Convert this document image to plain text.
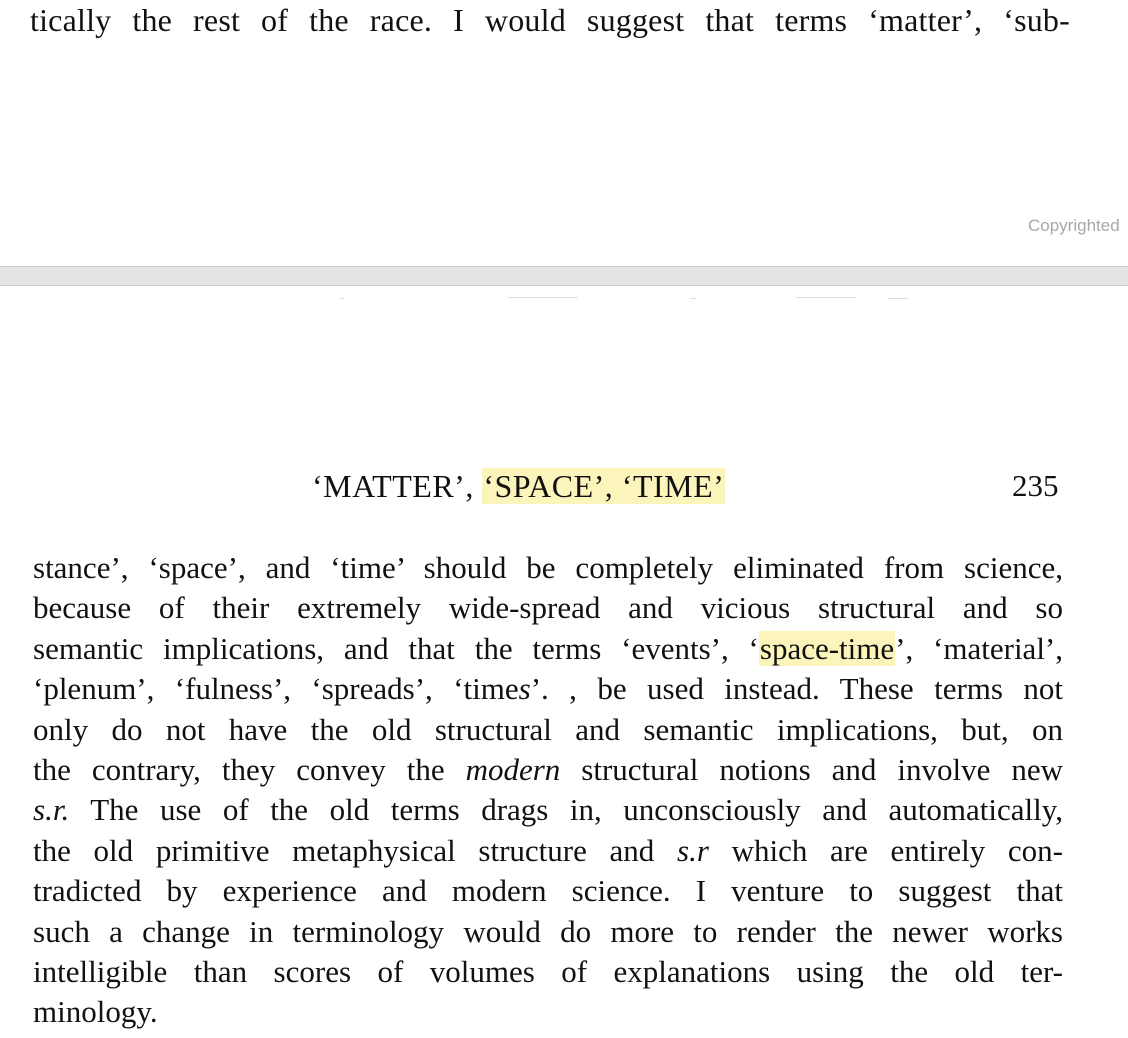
tically the rest of the race. I would suggest that terms ‘matter’, ‘sub-
Copyrighted
‘MATTER’, ‘SPACE’, ‘TIME’	235
stance’, ‘space’, and ‘time’ should be completely eliminated from science,
because of their extremely wide-spread and vicious structural and so
semantic implications, and that the terms ‘events’, ‘space-time’, ‘material’,
‘plenum’, ‘fulness’, ‘spreads’, ‘times’. , be used instead. These terms not
only do not have the old structural and semantic implications, but, on
the contrary, they convey the modern structural notions and involve new
s.r. The use of the old terms drags in, unconsciously and automatically,
the old primitive metaphysical structure and s.r which are entirely con-
tradicted by experience and modern science. I venture to suggest that
such a change in terminology would do more to render the newer works
intelligible than scores of volumes of explanations using the old ter-
minology.
